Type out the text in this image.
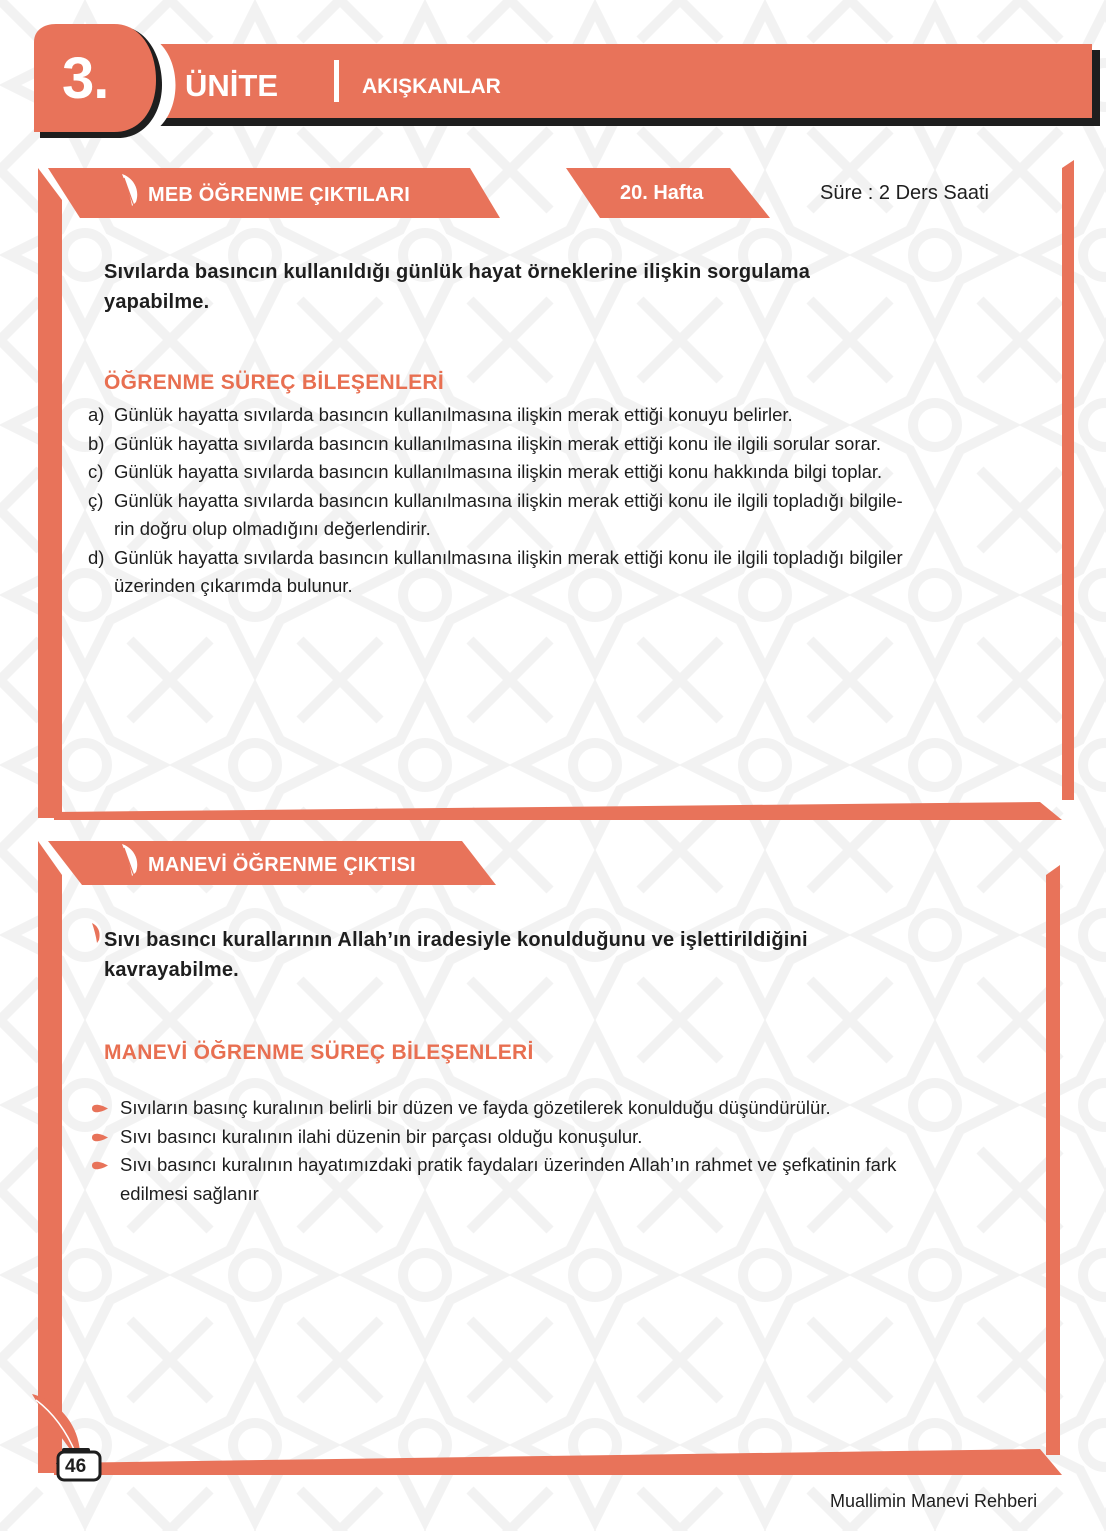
3. ÜNİTE	AKIŞKANLAR
MEB ÖĞRENME ÇIKTILARI	20. Hafta	Süre : 2 Ders Saati
Sıvılarda basıncın kullanıldığı günlük hayat örneklerine ilişkin sorgulama
yapabilme.
ÖĞRENME SÜREÇ BİLEŞENLERİ
a) Günlük hayatta sıvılarda basıncın kullanılmasına ilişkin merak ettiği konuyu belirler.
b) Günlük hayatta sıvılarda basıncın kullanılmasına ilişkin merak ettiği konu ile ilgili sorular sorar.
c) Günlük hayatta sıvılarda basıncın kullanılmasına ilişkin merak ettiği konu hakkında bilgi toplar.
ç) Günlük hayatta sıvılarda basıncın kullanılmasına ilişkin merak ettiği konu ile ilgili topladığı bilgile-
rin doğru olup olmadığını değerlendirir.
d) Günlük hayatta sıvılarda basıncın kullanılmasına ilişkin merak ettiği konu ile ilgili topladığı bilgiler
üzerinden çıkarımda bulunur.
MANEVİ ÖĞRENME ÇIKTISI
Sıvı basıncı kurallarının Allah’ın iradesiyle konulduğunu ve işlettirildiğini
kavrayabilme.
MANEVİ ÖĞRENME SÜREÇ BİLEŞENLERİ
Sıvıların basınç kuralının belirli bir düzen ve fayda gözetilerek konulduğu düşündürülür.
Sıvı basıncı kuralının ilahi düzenin bir parçası olduğu konuşulur.
Sıvı basıncı kuralının hayatımızdaki pratik faydaları üzerinden Allah’ın rahmet ve şefkatinin fark
edilmesi sağlanır
46
Muallimin Manevi Rehberi
